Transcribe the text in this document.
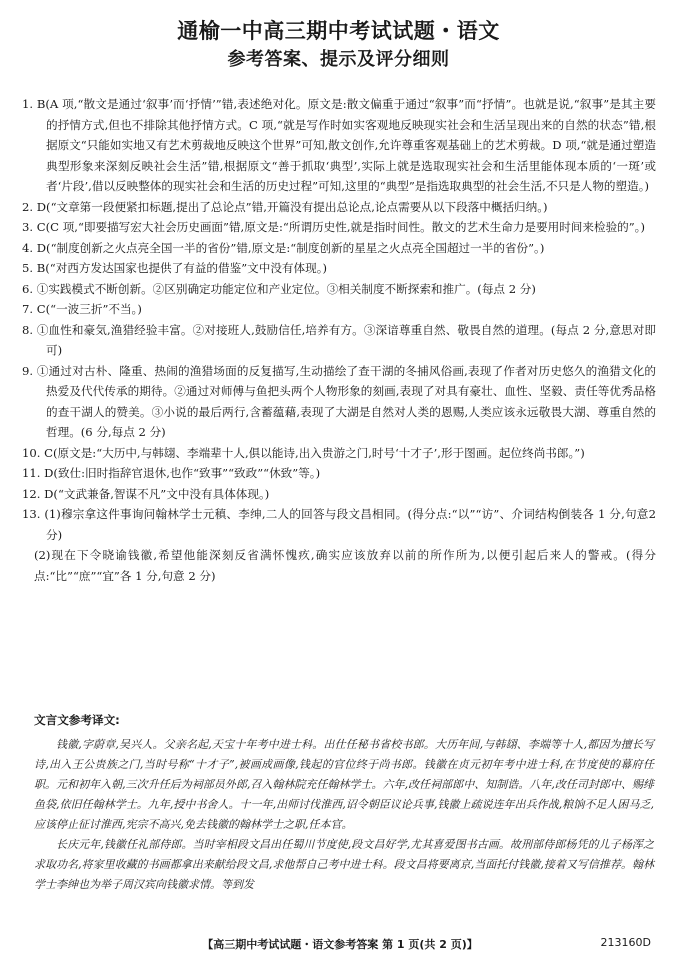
通榆一中高三期中考试试题・语文
参考答案、提示及评分细则
1. B(A 项,“散文是通过‘叙事’而‘抒情’”错,表述绝对化。原文是:散文偏重于通过“叙事”而“抒情”。也就是说,“叙事”是其主要的抒情方式,但也不排除其他抒情方式。C 项,“就是写作时如实客观地反映现实社会和生活呈现出来的自然的状态”错,根据原文“只能如实地又有艺术剪裁地反映这个世界”可知,散文创作,允许尊重客观基础上的艺术剪裁。D 项,“就是通过塑造典型形象来深刻反映社会生活”错,根据原文“善于抓取‘典型’,实际上就是选取现实社会和生活里能体现本质的‘一斑’或者‘片段’,借以反映整体的现实社会和生活的历史过程”可知,这里的“典型”是指选取典型的社会生活,不只是人物的塑造。)
2. D(“文章第一段便紧扣标题,提出了总论点”错,开篇没有提出总论点,论点需要从以下段落中概括归纳。)
3. C(C 项,“即要描写宏大社会历史画面”错,原文是:“所谓历史性,就是指时间性。散文的艺术生命力是要用时间来检验的”。)
4. D(“制度创新之火点亮全国一半的省份”错,原文是:“制度创新的星星之火点亮全国超过一半的省份”。)
5. B(“对西方发达国家也提供了有益的借鉴”文中没有体现。)
6. ①实践模式不断创新。②区别确定功能定位和产业定位。③相关制度不断探索和推广。(每点 2 分)
7. C(“一波三折”不当。)
8. ①血性和豪気,渔猎经验丰富。②对接班人,鼓励信任,培养有方。③深谙尊重自然、敬畏自然的道理。(每点 2 分,意思对即可)
9. ①通过对古朴、隆重、热闹的渔猎场面的反复描写,生动描绘了查干湖的冬捕风俗画,表现了作者对历史悠久的渔猎文化的热爱及代代传承的期待。②通过对师傅与鱼把头两个人物形象的刻画,表现了对具有豪壮、血性、坚毅、责任等优秀品格的查干湖人的赞美。③小说的最后两行,含蓄蕴藉,表现了大湖是自然对人类的恩赐,人类应该永远敬畏大湖、尊重自然的哲理。(6 分,每点 2 分)
10. C(原文是:“大历中,与韩翃、李端辈十人,俱以能诗,出入贵游之门,时号‘十才子’,形于图画。起位终尚书郎。”)
11. D(致仕:旧时指辞官退休,也作“致事”“致政”“休致”等。)
12. D(“文武兼备,智谋不凡”文中没有具体体现。)
13. (1)穆宗拿这件事询问翰林学士元稹、李绅,二人的回答与段文昌相同。(得分点:“以”“访”、介词结构倒装各 1 分,句意2 分)
(2)现在下令晓谕钱徽,希望他能深刻反省满怀愧疚,确实应该放弃以前的所作所为,以便引起后来人的警戒。(得分点:“比”“庶”“宜”各 1 分,句意 2 分)
文言文参考译文:

钱徽,字蔚章,吴兴人。父亲名起,天宝十年考中进士科。出仕任秘书省校书郎。大历年间,与韩翃、李端等十人,都因为擅长写诗,出入王公贵族之门,当时号称“十才子”,被画成画像,钱起的官位终于尚书郎。钱徽在贞元初年考中进士科,在节度使的幕府任职。元和初年入朝,三次升任后为祠部员外郎,召入翰林院充任翰林学士。六年,改任祠部郎中、知制诰。八年,改任司封郎中、赐绯鱼袋,依旧任翰林学士。九年,授中书舍人。十一年,出师讨伐淮西,诏令朝臣议论兵事,钱徽上疏说连年出兵作战,粮饷不足人困马乏,应该停止征讨淮西,宪宗不高兴,免去钱徽的翰林学士之职,任本官。

长庆元年,钱徽任礼部侍郎。当时宰相段文昌出任蜀川节度使,段文昌好学,尤其喜爱图书古画。故刑部侍郎杨凭的儿子杨浑之求取功名,将家里收藏的书画都拿出来献给段文昌,求他帮自己考中进士科。段文昌将要离京,当面托付钱徽,接着又写信推荐。翰林学士李绅也为举子周汉宾向钱徽求情。等到发

【高三期中考试试题・语文参考答案 第 1 页(共 2 页)】	213160D
